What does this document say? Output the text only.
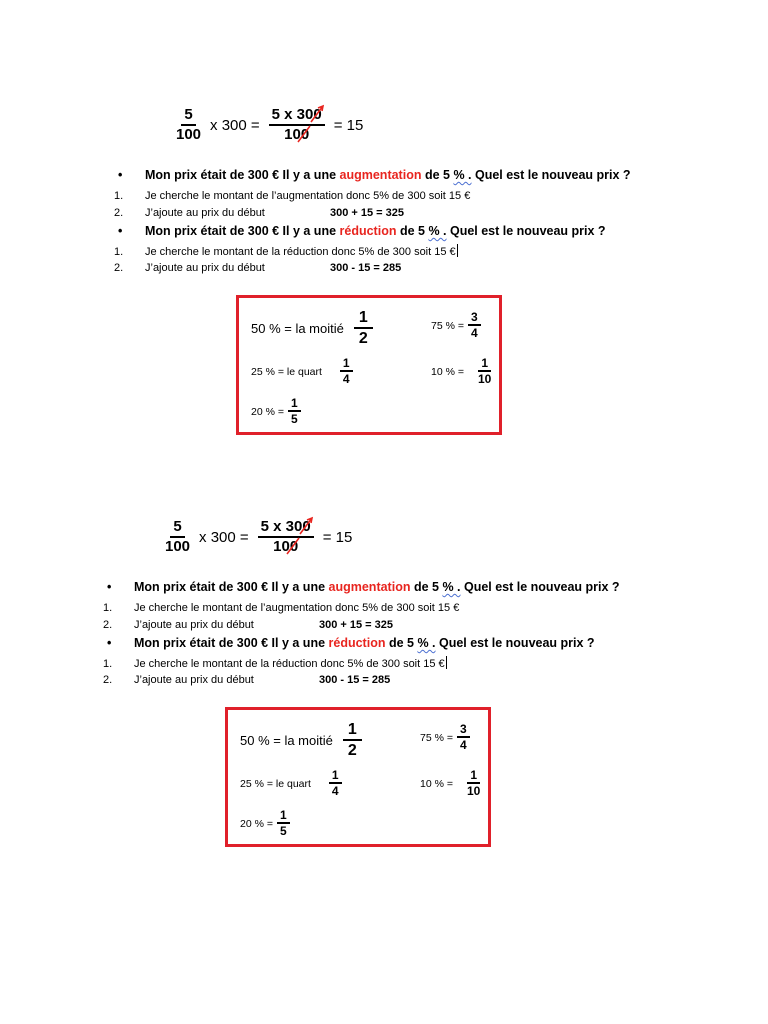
$\frac{5}{100}$ x $300 = \frac{5 x 300}{100} = 15$
• Mon prix était de 300 € Il y a une augmentation de 5 % . Quel est le nouveau prix ?
1. Je cherche le montant de l’augmentation donc 5% de 300 soit 15 €
2. J’ajoute au prix du début	300 + 15 = 325
• Mon prix était de 300 € Il y a une réduction de 5 % . Quel est le nouveau prix ?
1. Je cherche le montant de la réduction donc 5% de 300 soit 15 €
2. J’ajoute au prix du début	300 - 15 = 285
50 % = la moitié $\frac{1}{2}$	75 % = $\frac{3}{4}$
25 % = le quart $\frac{1}{4}$	10 % = $\frac{1}{10}$
20 % = $\frac{1}{5}$
$\frac{5}{100}$ x $300 = \frac{5 x 300}{100} = 15$
• Mon prix était de 300 € Il y a une augmentation de 5 % . Quel est le nouveau prix ?
1. Je cherche le montant de l’augmentation donc 5% de 300 soit 15 €
2. J’ajoute au prix du début	300 + 15 = 325
• Mon prix était de 300 € Il y a une réduction de 5 % . Quel est le nouveau prix ?
1. Je cherche le montant de la réduction donc 5% de 300 soit 15 €
2. J’ajoute au prix du début	300 - 15 = 285
50 % = la moitié $\frac{1}{2}$	75 % = $\frac{3}{4}$
25 % = le quart $\frac{1}{4}$	10 % = $\frac{1}{10}$
20 % = $\frac{1}{5}$
